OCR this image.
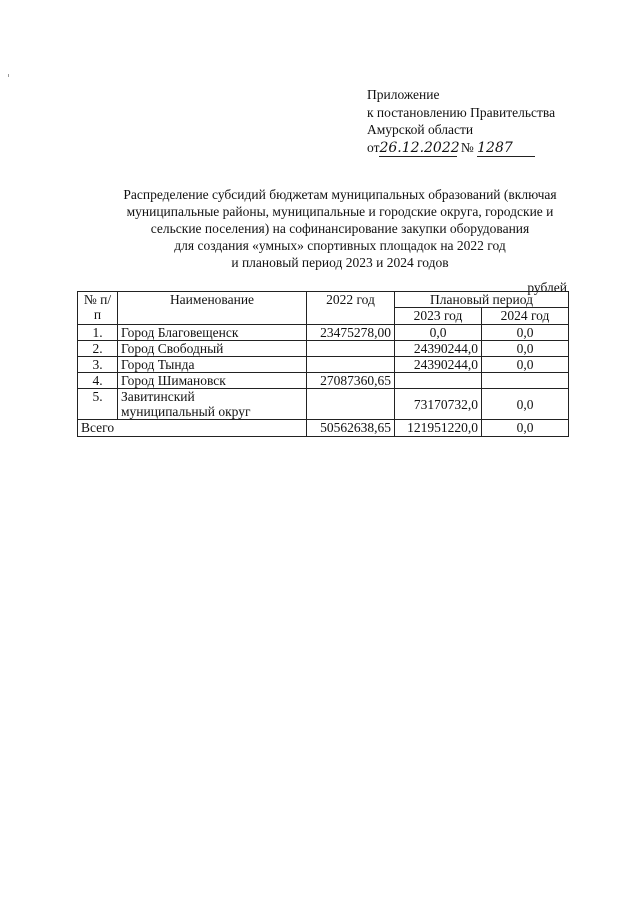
Приложение
к постановлению Правительства
Амурской области
от26.12.2022 № 1287
Распределение субсидий бюджетам муниципальных образований (включая
муниципальные районы, муниципальные и городские округа, городские и
сельские поселения) на софинансирование закупки оборудования
для создания «умных» спортивных площадок на 2022 год
и плановый период 2023 и 2024 годов
рублей
№ п/п	Наименование	2022 год	Плановый период	
			2023 год	2024 год
1.	Город Благовещенск	23475278,00	0,0	0,0
2.	Город Свободный		24390244,0	0,0
3.	Город Тында		24390244,0	0,0
4.	Город Шимановск	27087360,65		
5.	Завитинский
муниципальный округ		73170732,0	0,0
Всего		50562638,65	121951220,0	0,0
